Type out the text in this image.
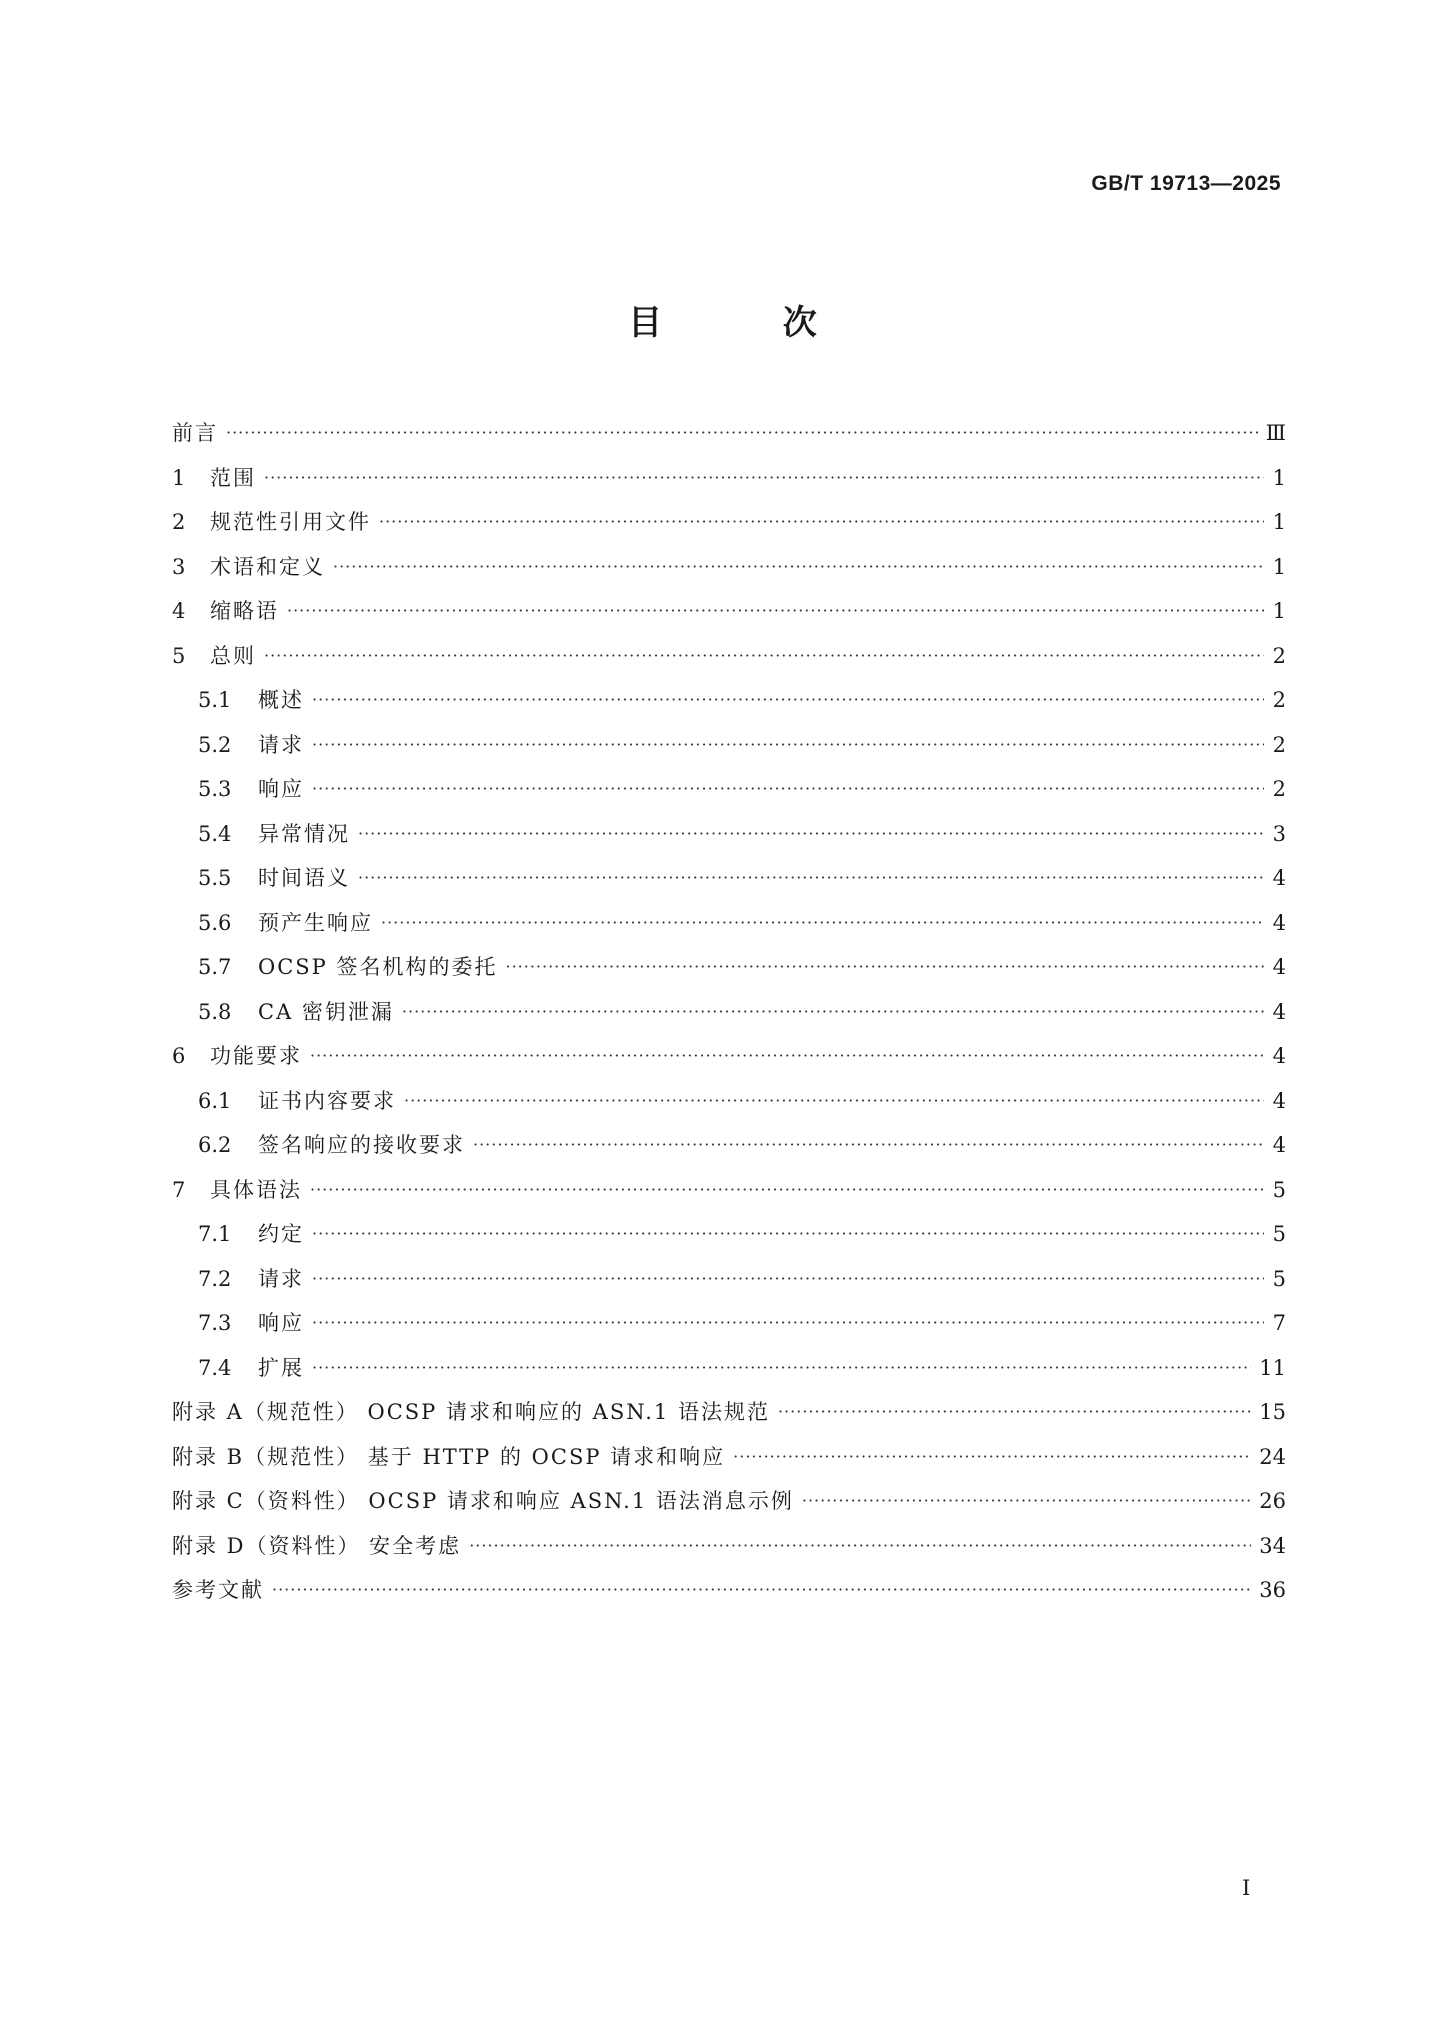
GB/T 19713—2025
目 次
前言 ·····	Ⅲ
1	范围 ·····	1
2	规范性引用文件 ·····	1
3	术语和定义 ·····	1
4	缩略语 ·····	1
5	总则 ·····	2
5.1	概述 ·····	2
5.2	请求 ·····	2
5.3	响应 ·····	2
5.4	异常情况 ·····	3
5.5	时间语义 ·····	4
5.6	预产生响应 ·····	4
5.7	OCSP 签名机构的委托 ·····	4
5.8	CA 密钥泄漏 ·····	4
6	功能要求 ·····	4
6.1	证书内容要求 ·····	4
6.2	签名响应的接收要求 ·····	4
7	具体语法 ·····	5
7.1	约定 ·····	5
7.2	请求 ·····	5
7.3	响应 ·····	7
7.4	扩展 ·····	11
附录 A（规范性） OCSP 请求和响应的 ASN.1 语法规范 ·····	15
附录 B（规范性） 基于 HTTP 的 OCSP 请求和响应 ·····	24
附录 C（资料性） OCSP 请求和响应 ASN.1 语法消息示例 ·····	26
附录 D（资料性） 安全考虑 ·····	34
参考文献 ·····	36
Ⅰ
